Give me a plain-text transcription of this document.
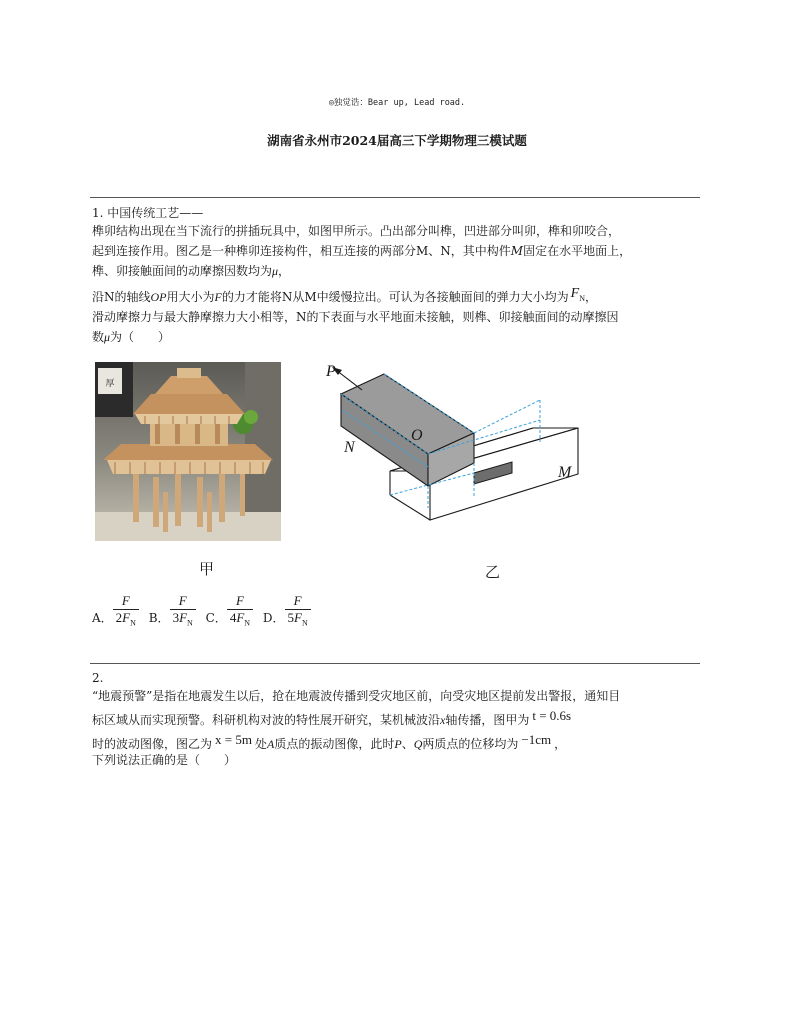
◎独觉诰：Bear up, Lead road.
湖南省永州市2024届高三下学期物理三模试题
1. 中国传统工艺——
榫卯结构出现在当下流行的拼插玩具中，如图甲所示。凸出部分叫榫，凹进部分叫卯，榫和卯咬合，
起到连接作用。图乙是一种榫卯连接构件，相互连接的两部分M、N，其中构件M固定在水平地面上，
榫、卯接触面间的动摩擦因数均为μ，
沿N的轴线OP用大小为F的力才能将N从M中缓慢拉出。可认为各接触面间的弹力大小均为 $F_N$，
滑动摩擦力与最大静摩擦力大小相等，N的下表面与水平地面未接触，则榫、卯接触面间的动摩擦因
数μ为（　　）
厚
P
N
O
M
甲	乙
A． $\frac{F}{2F_N}$ B． $\frac{F}{3F_N}$ C． $\frac{F}{4F_N}$ D． $\frac{F}{5F_N}$
2.
“地震预警”是指在地震发生以后，抢在地震波传播到受灾地区前，向受灾地区提前发出警报，通知目
标区域从而实现预警。科研机构对波的特性展开研究，某机械波沿x轴传播，图甲为 t = 0.6s
时的波动图像，图乙为 x = 5m 处A质点的振动图像，此时P、Q两质点的位移均为 −1cm ，
下列说法正确的是（　　）
